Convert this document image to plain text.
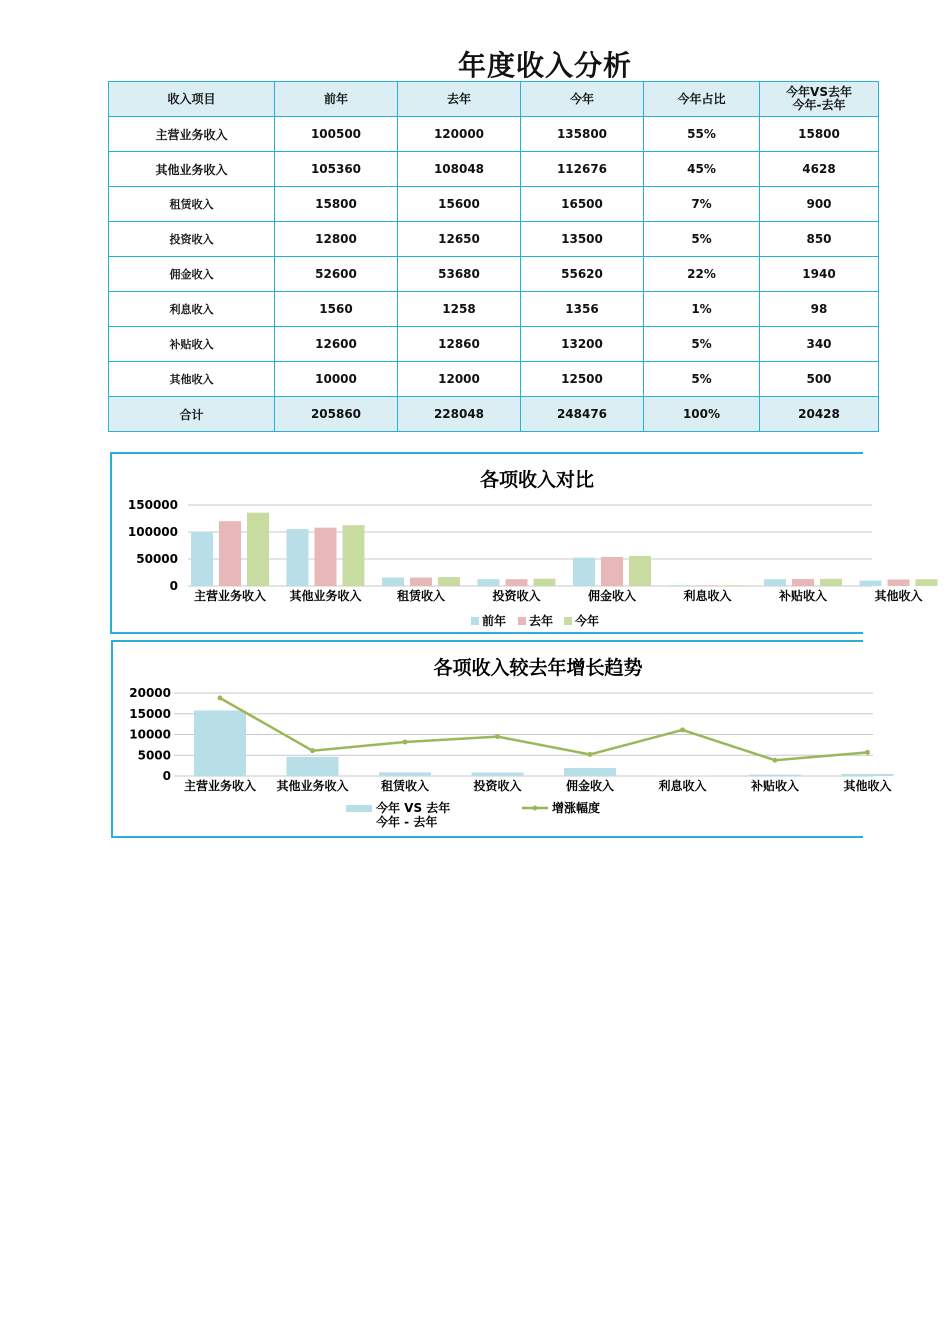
年度收入分析
收入项目	前年	去年	今年	今年占比	今年VS去年
今年-去年

主营业务收入	100500	120000	135800	55%	15800
其他业务收入	105360	108048	112676	45%	4628
租赁收入	15800	15600	16500	7%	900
投资收入	12800	12650	13500	5%	850
佣金收入	52600	53680	55620	22%	1940
利息收入	1560	1258	1356	1%	98
补贴收入	12600	12860	13200	5%	340
其他收入	10000	12000	12500	5%	500
合计	205860	228048	248476	100%	20428
各项收入对比
0
50000
100000
150000
主营业务收入 其他业务收入	租赁收入	投资收入	佣金收入	利息收入	补贴收入	其他收入
前年 去年 今年
各项收入较去年增长趋势
0
5000
10000
15000
20000
主营业务收入 其他业务收入	租赁收入	投资收入	佣金收入	利息收入	补贴收入	其他收入
今年 VS 去年
今年 - 去年
增涨幅度
